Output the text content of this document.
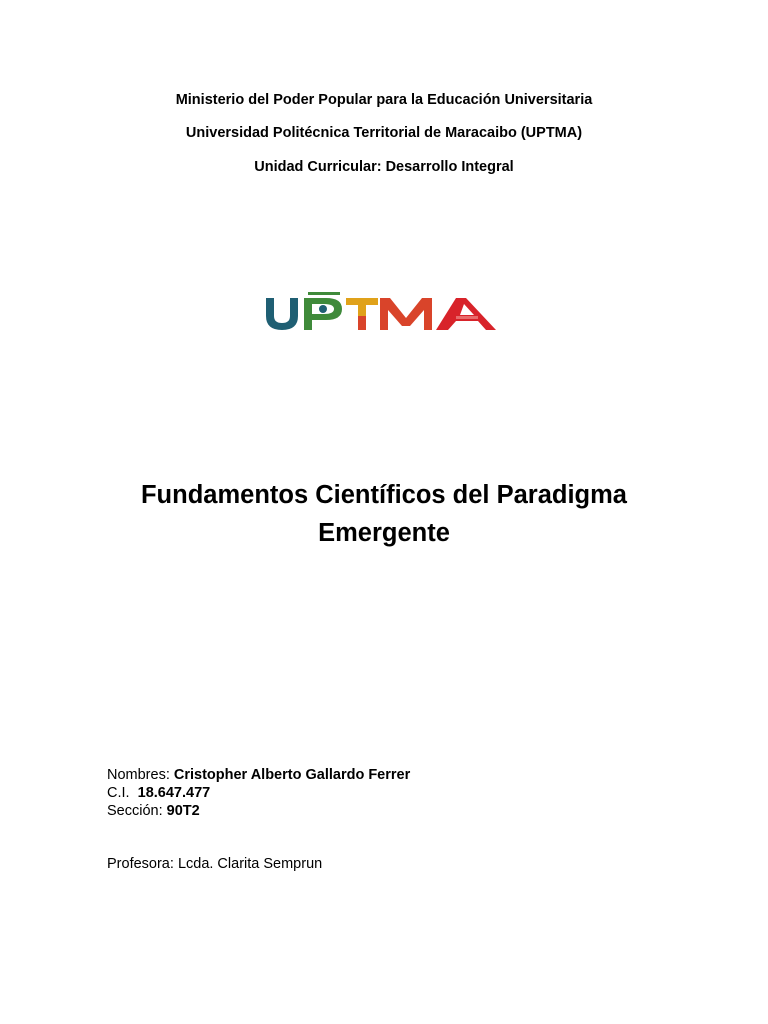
Ministerio del Poder Popular para la Educación Universitaria
Universidad Politécnica Territorial de Maracaibo (UPTMA)
Unidad Curricular: Desarrollo Integral
Fundamentos Científicos del Paradigma
Emergente
Nombres: Cristopher Alberto Gallardo Ferrer
C.I. 18.647.477
Sección: 90T2
Profesora: Lcda. Clarita Semprun
